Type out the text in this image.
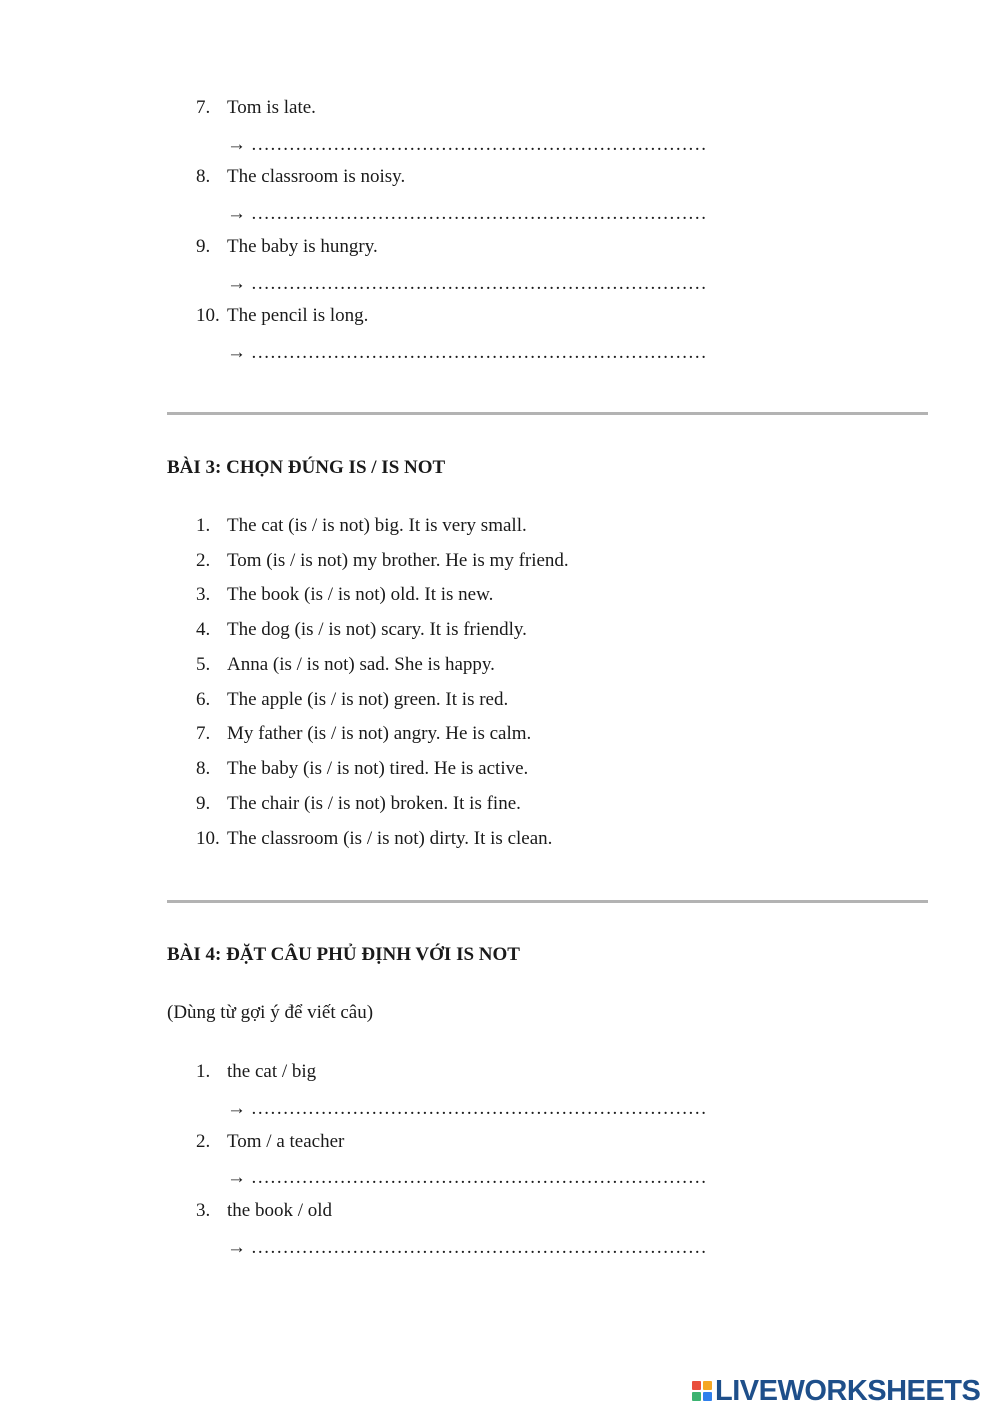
7. Tom is late.
→ ………………………………………………………………
8. The classroom is noisy.
→ ………………………………………………………………
9. The baby is hungry.
→ ………………………………………………………………
10. The pencil is long.
→ ………………………………………………………………
BÀI 3: CHỌN ĐÚNG IS / IS NOT
1. The cat (is / is not) big. It is very small.
2. Tom (is / is not) my brother. He is my friend.
3. The book (is / is not) old. It is new.
4. The dog (is / is not) scary. It is friendly.
5. Anna (is / is not) sad. She is happy.
6. The apple (is / is not) green. It is red.
7. My father (is / is not) angry. He is calm.
8. The baby (is / is not) tired. He is active.
9. The chair (is / is not) broken. It is fine.
10. The classroom (is / is not) dirty. It is clean.
BÀI 4: ĐẶT CÂU PHỦ ĐỊNH VỚI IS NOT
(Dùng từ gợi ý để viết câu)
1. the cat / big
→ ………………………………………………………………
2. Tom / a teacher
→ ………………………………………………………………
3. the book / old
→ ………………………………………………………………
LIVEWORKSHEETS
